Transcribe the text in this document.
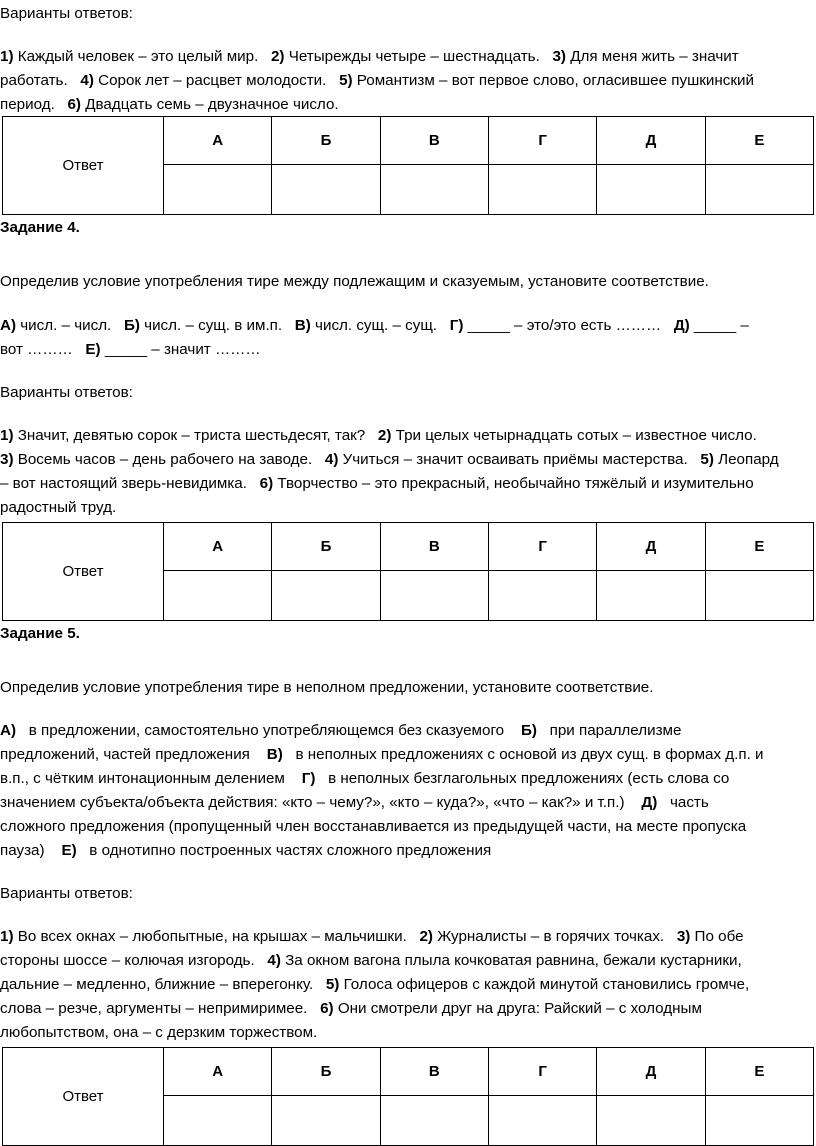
Варианты ответов:
1) Каждый человек – это целый мир. 2) Четырежды четыре – шестнадцать. 3) Для меня жить – значит
работать. 4) Сорок лет – расцвет молодости. 5) Романтизм – вот первое слово, огласившее пушкинский
период. 6) Двадцать семь – двузначное число.
Ответ	А	Б	В	Г	Д	Е

Задание 4.
Определив условие употребления тире между подлежащим и сказуемым, установите соответствие.
А) числ. – числ. Б) числ. – сущ. в им.п. В) числ. сущ. – сущ. Г) _____ – это/это есть ……… Д) _____ –
вот ……… Е) _____ – значит ………
Варианты ответов:
1) Значит, девятью сорок – триста шестьдесят, так? 2) Три целых четырнадцать сотых – известное число.
3) Восемь часов – день рабочего на заводе. 4) Учиться – значит осваивать приёмы мастерства. 5) Леопард
– вот настоящий зверь-невидимка. 6) Творчество – это прекрасный, необычайно тяжёлый и изумительно
радостный труд.
Ответ	А	Б	В	Г	Д	Е

Задание 5.
Определив условие употребления тире в неполном предложении, установите соответствие.
А)   в предложении, самостоятельно употребляющемся без сказуемого Б)   при параллелизме
предложений, частей предложения В)   в неполных предложениях с основой из двух сущ. в формах д.п. и
в.п., с чётким интонационным делением Г)   в неполных безглагольных предложениях (есть слова со
значением субъекта/объекта действия: «кто – чему?», «кто – куда?», «что – как?» и т.п.) Д)   часть
сложного предложения (пропущенный член восстанавливается из предыдущей части, на месте пропуска
пауза) Е)   в однотипно построенных частях сложного предложения
Варианты ответов:
1) Во всех окнах – любопытные, на крышах – мальчишки. 2) Журналисты – в горячих точках. 3) По обе
стороны шоссе – колючая изгородь. 4) За окном вагона плыла кочковатая равнина, бежали кустарники,
дальние – медленно, ближние – вперегонку. 5) Голоса офицеров с каждой минутой становились громче,
слова – резче, аргументы – непримиримее. 6) Они смотрели друг на друга: Райский – с холодным
любопытством, она – с дерзким торжеством.
Ответ	А	Б	В	Г	Д	Е
